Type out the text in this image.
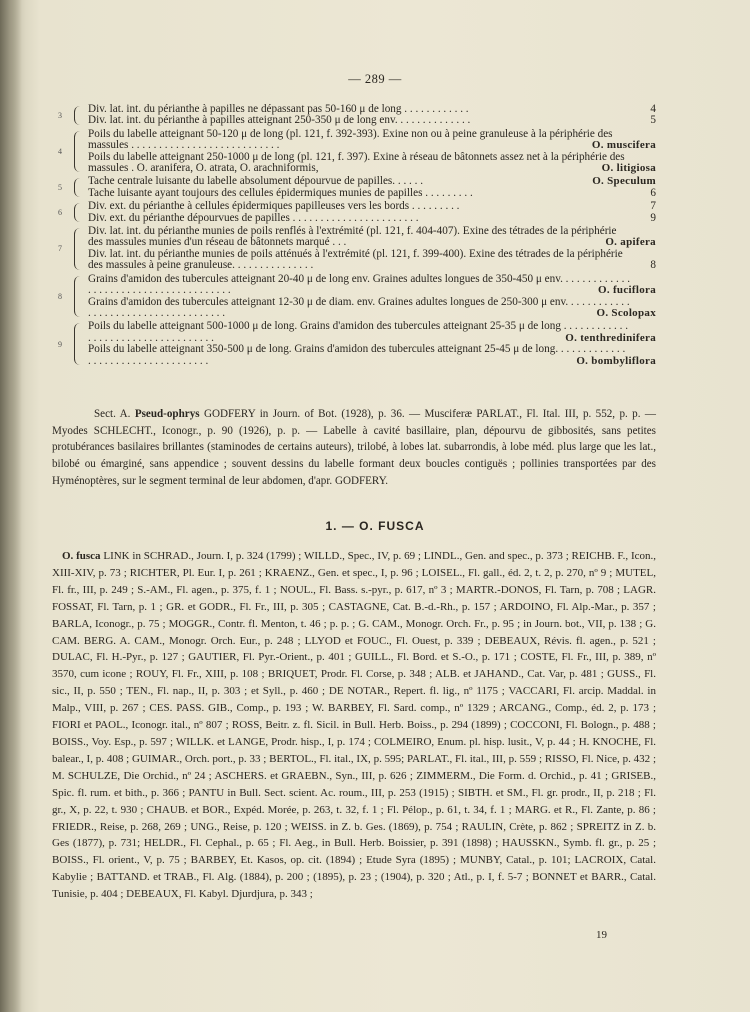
— 289 —
3
Div. lat. int. du périanthe à papilles ne dépassant pas 50-160 μ de long . . . . . . . . . . . .	4
Div. lat. int. du périanthe à papilles atteignant 250-350 μ de long env. . . . . . . . . . . . . .	5
4
Poils du labelle atteignant 50-120 μ de long (pl. 121, f. 392-393). Exine non ou à peine granuleuse à la périphérie des massules . . . . . . . . . . . . . . . . . . . . . . . . . . .	O. muscifera
Poils du labelle atteignant 250-1000 μ de long (pl. 121, f. 397). Exine à réseau de bâtonnets assez net à la périphérie des massules . O. aranifera, O. atrata, O. arachniformis,	O. litigiosa
5
Tache centrale luisante du labelle absolument dépourvue de papilles. . . . . .	O. Speculum
Tache luisante ayant toujours des cellules épidermiques munies de papilles . . . . . . . . .	6
6
Div. ext. du périanthe à cellules épidermiques papilleuses vers les bords . . . . . . . . .	7
Div. ext. du périanthe dépourvues de papilles . . . . . . . . . . . . . . . . . . . . . . .	9
7
Div. lat. int. du périanthe munies de poils renflés à l'extrémité (pl. 121, f. 404-407). Exine des tétrades de la périphérie des massules munies d'un réseau de bâtonnets marqué . . .	O. apifera
Div. lat. int. du périanthe munies de poils atténués à l'extrémité (pl. 121, f. 399-400). Exine des tétrades de la périphérie des massules à peine granuleuse. . . . . . . . . . . . . . .	8
8
Grains d'amidon des tubercules atteignant 20-40 μ de long env. Graines adultes longues de 350-450 μ env. . . . . . . . . . . . . . . . . . . . . . . . . . . . . . . . . . . . . . .	O. fuciflora
Grains d'amidon des tubercules atteignant 12-30 μ de diam. env. Graines adultes longues de 250-300 μ env. . . . . . . . . . . . . . . . . . . . . . . . . . . . . . . . . . . . .	O. Scolopax
9
Poils du labelle atteignant 500-1000 μ de long. Grains d'amidon des tubercules atteignant 25-35 μ de long . . . . . . . . . . . . . . . . . . . . . . . . . . . . . . . . . . .	O. tenthredinifera
Poils du labelle atteignant 350-500 μ de long. Grains d'amidon des tubercules atteignant 25-45 μ de long. . . . . . . . . . . . . . . . . . . . . . . . . . . . . . . . . . .	O. bombyliflora
Sect. A. Pseud-ophrys GODFERY in Journ. of Bot. (1928), p. 36. — Musciferæ PARLAT., Fl. Ital. III, p. 552, p. p. — Myodes SCHLECHT., Iconogr., p. 90 (1926), p. p. — Labelle à cavité basillaire, plan, dépourvu de gibbosités, sans petites protubérances basilaires brillantes (staminodes de certains auteurs), trilobé, à lobes lat. subarrondis, à lobe méd. plus large que les lat., bilobé ou émarginé, sans appendice ; souvent dessins du labelle formant deux boucles contiguës ; pollinies transportées par des Hyménoptères, sur le segment terminal de leur abdomen, d'apr. GODFERY.
1. — O. FUSCA
O. fusca LINK in SCHRAD., Journ. I, p. 324 (1799) ; WILLD., Spec., IV, p. 69 ; LINDL., Gen. and spec., p. 373 ; REICHB. F., Icon., XIII-XIV, p. 73 ; RICHTER, Pl. Eur. I, p. 261 ; KRAENZ., Gen. et spec., I, p. 96 ; LOISEL., Fl. gall., éd. 2, t. 2, p. 270, nº 9 ; MUTEL, Fl. fr., III, p. 249 ; S.-AM., Fl. agen., p. 375, f. 1 ; NOUL., Fl. Bass. s.-pyr., p. 617, nº 3 ; MARTR.-DONOS, Fl. Tarn, p. 708 ; LAGR. FOSSAT, Fl. Tarn, p. 1 ; GR. et GODR., Fl. Fr., III, p. 305 ; CASTAGNE, Cat. B.-d.-Rh., p. 157 ; ARDOINO, Fl. Alp.-Mar., p. 357 ; BARLA, Iconogr., p. 75 ; MOGGR., Contr. fl. Menton, t. 46 ; p. p. ; G. CAM., Monogr. Orch. Fr., p. 95 ; in Journ. bot., VII, p. 138 ; G. CAM. BERG. A. CAM., Monogr. Orch. Eur., p. 248 ; LLYOD et FOUC., Fl. Ouest, p. 339 ; DEBEAUX, Révis. fl. agen., p. 521 ; DULAC, Fl. H.-Pyr., p. 127 ; GAUTIER, Fl. Pyr.-Orient., p. 401 ; GUILL., Fl. Bord. et S.-O., p. 171 ; COSTE, Fl. Fr., III, p. 389, nº 3570, cum icone ; ROUY, Fl. Fr., XIII, p. 108 ; BRIQUET, Prodr. Fl. Corse, p. 348 ; ALB. et JAHAND., Cat. Var, p. 481 ; GUSS., Fl. sic., II, p. 550 ; TEN., Fl. nap., II, p. 303 ; et Syll., p. 460 ; DE NOTAR., Repert. fl. lig., nº 1175 ; VACCARI, Fl. arcip. Maddal. in Malp., VIII, p. 267 ; CES. PASS. GIB., Comp., p. 193 ; W. BARBEY, Fl. Sard. comp., nº 1329 ; ARCANG., Comp., éd. 2, p. 173 ; FIORI et PAOL., Iconogr. ital., nº 807 ; ROSS, Beitr. z. fl. Sicil. in Bull. Herb. Boiss., p. 294 (1899) ; COCCONI, Fl. Bologn., p. 488 ; BOISS., Voy. Esp., p. 597 ; WILLK. et LANGE, Prodr. hisp., I, p. 174 ; COLMEIRO, Enum. pl. hisp. lusit., V, p. 44 ; H. KNOCHE, Fl. balear., I, p. 408 ; GUIMAR., Orch. port., p. 33 ; BERTOL., Fl. ital., IX, p. 595; PARLAT., Fl. ital., III, p. 559 ; RISSO, Fl. Nice, p. 432 ; M. SCHULZE, Die Orchid., nº 24 ; ASCHERS. et GRAEBN., Syn., III, p. 626 ; ZIMMERM., Die Form. d. Orchid., p. 41 ; GRISEB., Spic. fl. rum. et bith., p. 366 ; PANTU in Bull. Sect. scient. Ac. roum., III, p. 253 (1915) ; SIBTH. et SM., Fl. gr. prodr., II, p. 218 ; Fl. gr., X, p. 22, t. 930 ; CHAUB. et BOR., Expéd. Morée, p. 263, t. 32, f. 1 ; Fl. Pélop., p. 61, t. 34, f. 1 ; MARG. et R., Fl. Zante, p. 86 ; FRIEDR., Reise, p. 268, 269 ; UNG., Reise, p. 120 ; WEISS. in Z. b. Ges. (1869), p. 754 ; RAULIN, Crète, p. 862 ; SPREITZ in Z. b. Ges (1877), p. 731; HELDR., Fl. Cephal., p. 65 ; Fl. Aeg., in Bull. Herb. Boissier, p. 391 (1898) ; HAUSSKN., Symb. fl. gr., p. 25 ; BOISS., Fl. orient., V, p. 75 ; BARBEY, Et. Kasos, op. cit. (1894) ; Etude Syra (1895) ; MUNBY, Catal., p. 101; LACROIX, Catal. Kabylie ; BATTAND. et TRAB., Fl. Alg. (1884), p. 200 ; (1895), p. 23 ; (1904), p. 320 ; Atl., p. I, f. 5-7 ; BONNET et BARR., Catal. Tunisie, p. 404 ; DEBEAUX, Fl. Kabyl. Djurdjura, p. 343 ;
19
